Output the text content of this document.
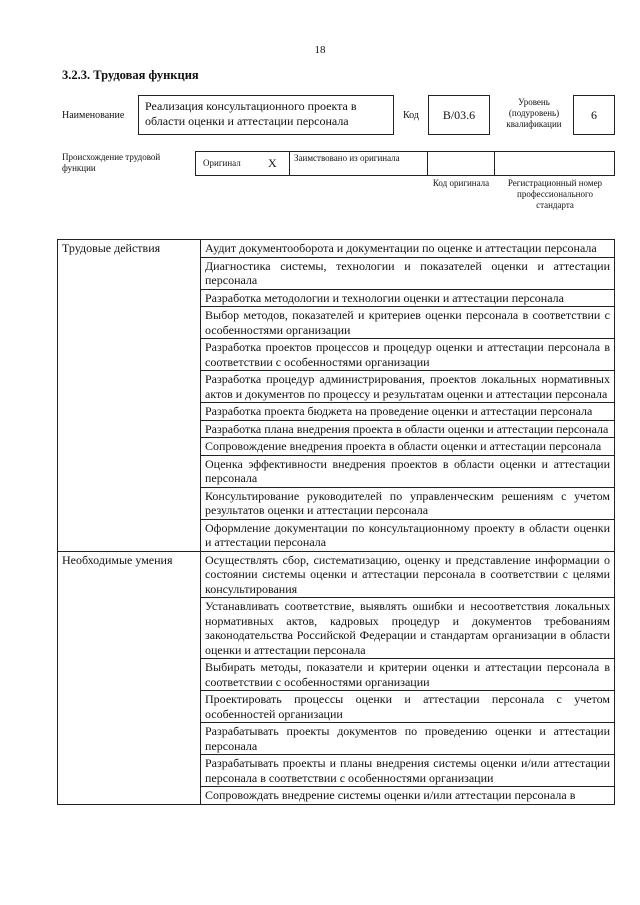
18
3.2.3. Трудовая функция
Наименование
Реализация консультационного проекта в области оценки и аттестации персонала	Код B/03.6
Уровень (подуровень) квалификации
6
Происхождение трудовой функции	Оригинал X Заимствовано из оригинала
Код оригинала	Регистрационный номер профессионального стандарта
Трудовые действия	Аудит документооборота и документации по оценке и аттестации персонала
	Диагностика системы, технологии и показателей оценки и аттестации персонала
	Разработка методологии и технологии оценки и аттестации персонала
	Выбор методов, показателей и критериев оценки персонала в соответствии с особенностями организации
	Разработка проектов процессов и процедур оценки и аттестации персонала в соответствии с особенностями организации
	Разработка процедур администрирования, проектов локальных нормативных актов и документов по процессу и результатам оценки и аттестации персонала
	Разработка проекта бюджета на проведение оценки и аттестации персонала
	Разработка плана внедрения проекта в области оценки и аттестации персонала
	Сопровождение внедрения проекта в области оценки и аттестации персонала
	Оценка эффективности внедрения проектов в области оценки и аттестации персонала
	Консультирование руководителей по управленческим решениям с учетом результатов оценки и аттестации персонала
	Оформление документации по консультационному проекту в области оценки и аттестации персонала
Необходимые умения	Осуществлять сбор, систематизацию, оценку и представление информации о состоянии системы оценки и аттестации персонала в соответствии с целями консультирования
	Устанавливать соответствие, выявлять ошибки и несоответствия локальных нормативных актов, кадровых процедур и документов требованиям законодательства Российской Федерации и стандартам организации в области оценки и аттестации персонала
	Выбирать методы, показатели и критерии оценки и аттестации персонала в соответствии с особенностями организации
	Проектировать процессы оценки и аттестации персонала с учетом особенностей организации
	Разрабатывать проекты документов по проведению оценки и аттестации персонала
	Разрабатывать проекты и планы внедрения системы оценки и/или аттестации персонала в соответствии с особенностями организации
	Сопровождать внедрение системы оценки и/или аттестации персонала в
